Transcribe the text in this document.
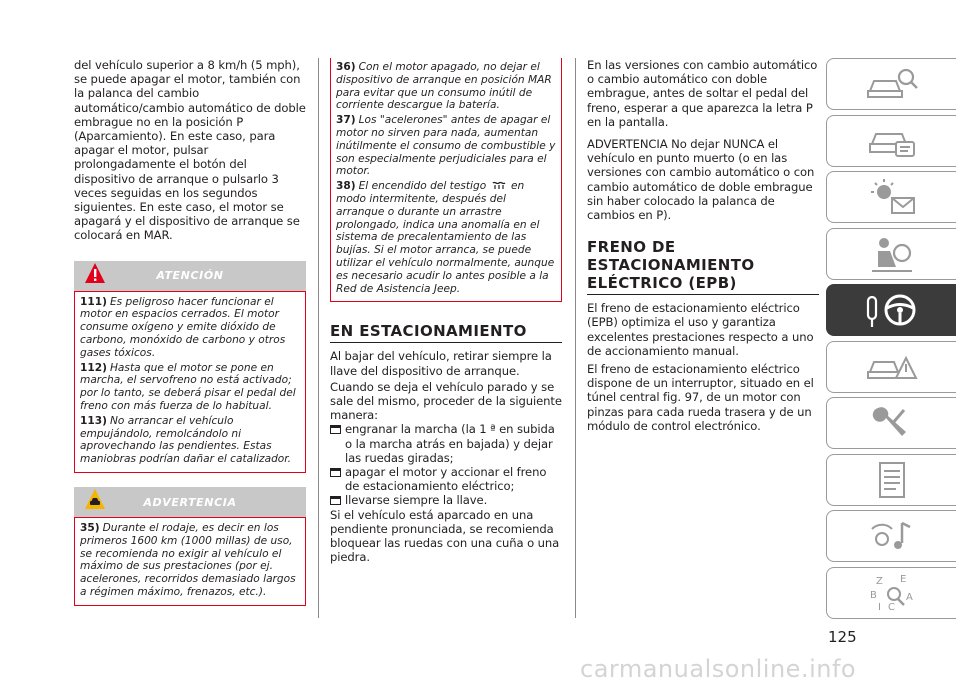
del vehículo superior a 8 km/h (5 mph), se puede apagar el motor, también con la palanca del cambio automático/cambio automático de doble embrague no en la posición P (Aparcamiento). En este caso, para apagar el motor, pulsar prolongadamente el botón del dispositivo de arranque o pulsarlo 3 veces seguidas en los segundos siguientes. En este caso, el motor se apagará y el dispositivo de arranque se colocará en MAR.

ATENCIÓN
111) Es peligroso hacer funcionar el motor en espacios cerrados. El motor consume oxígeno y emite dióxido de carbono, monóxido de carbono y otros gases tóxicos.
112) Hasta que el motor se pone en marcha, el servofreno no está activado; por lo tanto, se deberá pisar el pedal del freno con más fuerza de lo habitual.
113) No arrancar el vehículo empujándolo, remolcándolo ni aprovechando las pendientes. Estas maniobras podrían dañar el catalizador.
ADVERTENCIA
35) Durante el rodaje, es decir en los primeros 1600 km (1000 millas) de uso, se recomienda no exigir al vehículo el máximo de sus prestaciones (por ej. acelerones, recorridos demasiado largos a régimen máximo, frenazos, etc.).
36) Con el motor apagado, no dejar el dispositivo de arranque en posición MAR para evitar que un consumo inútil de corriente descargue la batería.
37) Los "acelerones" antes de apagar el motor no sirven para nada, aumentan inútilmente el consumo de combustible y son especialmente perjudiciales para el motor.
38) El encendido del testigo en modo intermitente, después del arranque o durante un arrastre prolongado, indica una anomalía en el sistema de precalentamiento de las bujías. Si el motor arranca, se puede utilizar el vehículo normalmente, aunque es necesario acudir lo antes posible a la Red de Asistencia Jeep.
EN ESTACIONAMIENTO

Al bajar del vehículo, retirar siempre la llave del dispositivo de arranque.

Cuando se deja el vehículo parado y se sale del mismo, proceder de la siguiente manera:

engranar la marcha (la 1 ª en subida o la marcha atrás en bajada) y dejar las ruedas giradas;
apagar el motor y accionar el freno de estacionamiento eléctrico;
llevarse siempre la llave.

Si el vehículo está aparcado en una pendiente pronunciada, se recomienda bloquear las ruedas con una cuña o una piedra.

En las versiones con cambio automático o cambio automático con doble embrague, antes de soltar el pedal del freno, esperar a que aparezca la letra P en la pantalla.

ADVERTENCIA No dejar NUNCA el vehículo en punto muerto (o en las versiones con cambio automático o con cambio automático de doble embrague sin haber colocado la palanca de cambios en P).

FRENO DE ESTACIONAMIENTO ELÉCTRICO (EPB)

El freno de estacionamiento eléctrico (EPB) optimiza el uso y garantiza excelentes prestaciones respecto a uno de accionamiento manual.

El freno de estacionamiento eléctrico dispone de un interruptor, situado en el túnel central fig. 97, de un motor con pinzas para cada rueda trasera y de un módulo de control electrónico.

Z E
B	A
I C
125
carmanualsonline.info
